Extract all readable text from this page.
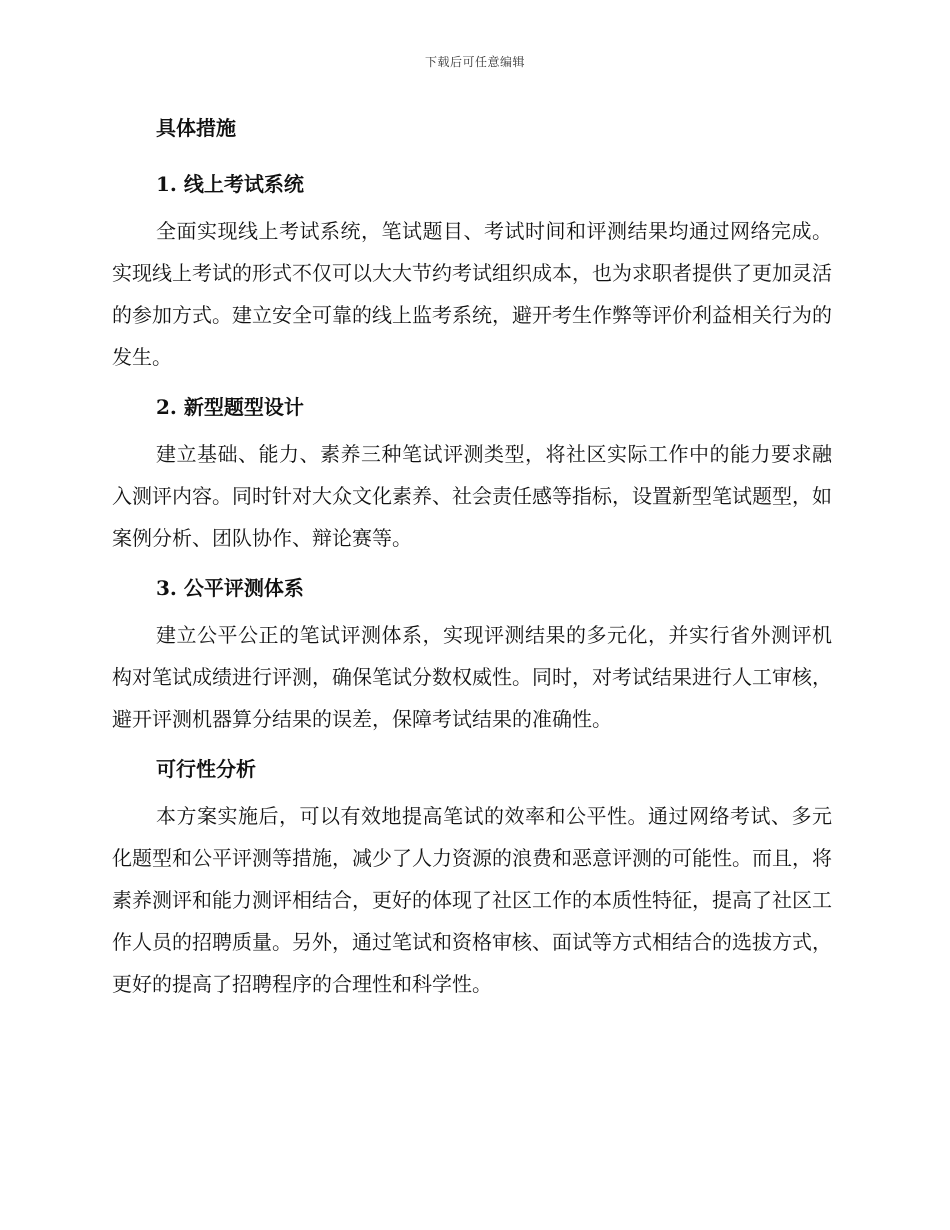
下载后可任意编辑
具体措施
1. 线上考试系统

全面实现线上考试系统，笔试题目、考试时间和评测结果均通过网络完成。实现线上考试的形式不仅可以大大节约考试组织成本，也为求职者提供了更加灵活的参加方式。建立安全可靠的线上监考系统，避开考生作弊等评价利益相关行为的发生。

2. 新型题型设计

建立基础、能力、素养三种笔试评测类型，将社区实际工作中的能力要求融入测评内容。同时针对大众文化素养、社会责任感等指标，设置新型笔试题型，如案例分析、团队协作、辩论赛等。

3. 公平评测体系

建立公平公正的笔试评测体系，实现评测结果的多元化，并实行省外测评机构对笔试成绩进行评测，确保笔试分数权威性。同时，对考试结果进行人工审核，避开评测机器算分结果的误差，保障考试结果的准确性。

可行性分析

本方案实施后，可以有效地提高笔试的效率和公平性。通过网络考试、多元化题型和公平评测等措施，减少了人力资源的浪费和恶意评测的可能性。而且，将素养测评和能力测评相结合，更好的体现了社区工作的本质性特征，提高了社区工作人员的招聘质量。另外，通过笔试和资格审核、面试等方式相结合的选拔方式，更好的提高了招聘程序的合理性和科学性。
